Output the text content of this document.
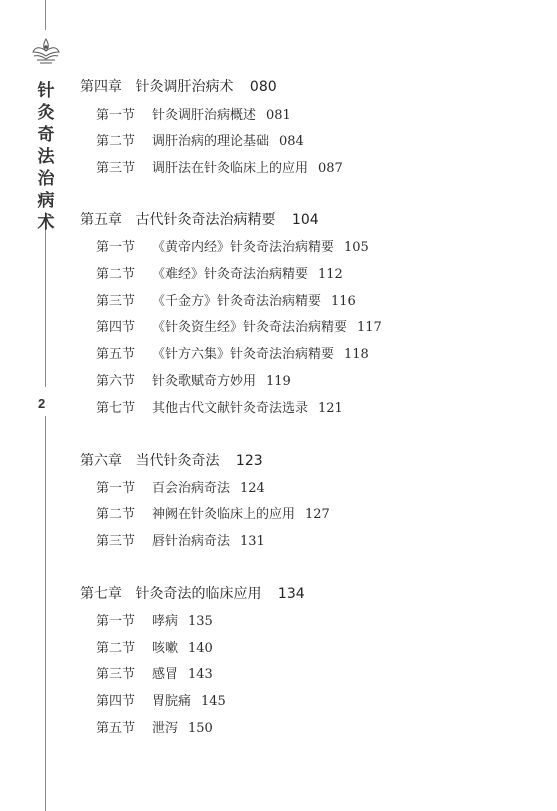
针
灸
奇
法
治
病
术
2
第四章 针灸调肝治病术 080
第一节 针灸调肝治病概述 081
第二节 调肝治病的理论基础 084
第三节 调肝法在针灸临床上的应用 087
第五章 古代针灸奇法治病精要 104
第一节 《黄帝内经》针灸奇法治病精要 105
第二节 《难经》针灸奇法治病精要 112
第三节 《千金方》针灸奇法治病精要 116
第四节 《针灸资生经》针灸奇法治病精要 117
第五节 《针方六集》针灸奇法治病精要 118
第六节 针灸歌赋奇方妙用 119
第七节 其他古代文献针灸奇法选录 121
第六章 当代针灸奇法 123
第一节 百会治病奇法 124
第二节 神阙在针灸临床上的应用 127
第三节 唇针治病奇法 131
第七章 针灸奇法的临床应用 134
第一节 哮病 135
第二节 咳嗽 140
第三节 感冒 143
第四节 胃脘痛 145
第五节 泄泻 150
